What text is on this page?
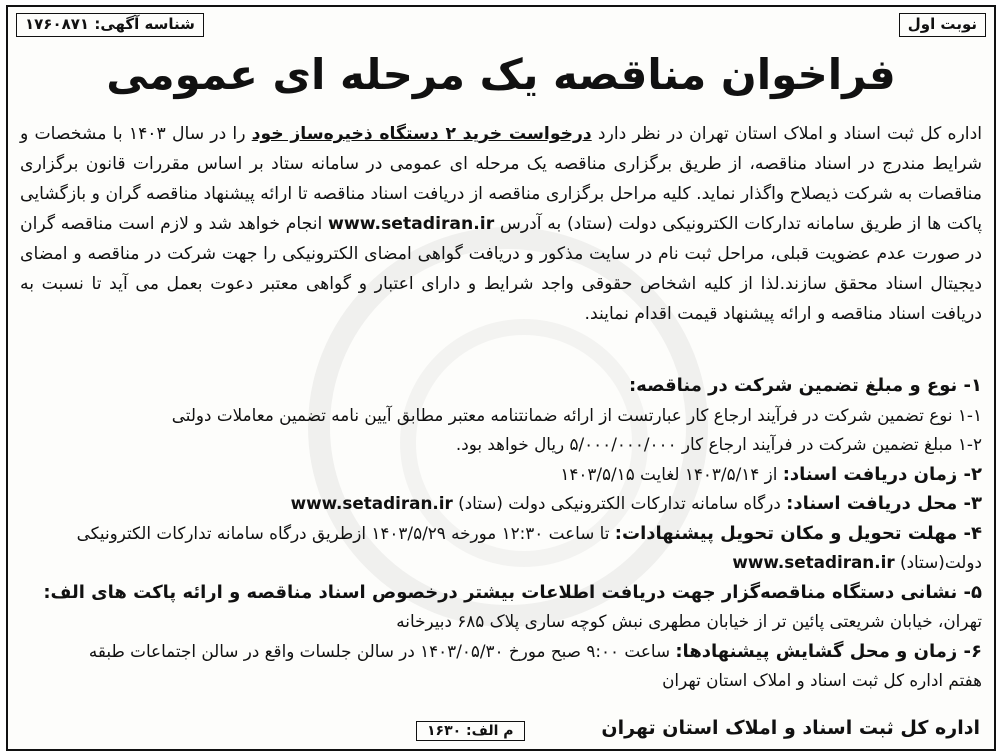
نوبت اول
شناسه آگهی: ۱۷۶۰۸۷۱
فراخوان مناقصه یک مرحله ای عمومی

اداره کل ثبت اسناد و املاک استان تهران در نظر دارد درخواست خرید ۲ دستگاه ذخیره‌ساز خود را در سال ۱۴۰۳ با مشخصات و شرایط مندرج در اسناد مناقصه، از طریق برگزاری مناقصه یک مرحله ای عمومی در سامانه ستاد بر اساس مقررات قانون برگزاری مناقصات به شرکت ذیصلاح واگذار نماید. کلیه مراحل برگزاری مناقصه از دریافت اسناد مناقصه تا ارائه پیشنهاد مناقصه گران و بازگشایی پاکت ها از طریق سامانه تدارکات الکترونیکی دولت (ستاد) به آدرس www.setadiran.ir انجام خواهد شد و لازم است مناقصه گران در صورت عدم عضویت قبلی، مراحل ثبت نام در سایت مذکور و دریافت گواهی امضای الکترونیکی را جهت شرکت در مناقصه و امضای دیجیتال اسناد محقق سازند.لذا از کلیه اشخاص حقوقی واجد شرایط و دارای اعتبار و گواهی معتبر دعوت بعمل می آید تا نسبت به دریافت اسناد مناقصه و ارائه پیشنهاد قیمت اقدام نمایند.

۱- نوع و مبلغ تضمین شرکت در مناقصه:
۱-۱ نوع تضمین شرکت در فرآیند ارجاع کار عبارتست از ارائه ضمانتنامه معتبر مطابق آیین نامه تضمین معاملات دولتی
۱-۲ مبلغ تضمین شرکت در فرآیند ارجاع کار ۵/۰۰۰/۰۰۰/۰۰۰ ریال خواهد بود.
۲- زمان دریافت اسناد: از ۱۴۰۳/۵/۱۴ لغایت ۱۴۰۳/۵/۱۵
۳- محل دریافت اسناد: درگاه سامانه تدارکات الکترونیکی دولت (ستاد) www.setadiran.ir
۴- مهلت تحویل و مکان تحویل پیشنهادات: تا ساعت ۱۲:۳۰ مورخه ۱۴۰۳/۵/۲۹ ازطریق درگاه سامانه تدارکات الکترونیکی
دولت(ستاد) www.setadiran.ir
۵- نشانی دستگاه مناقصه‌گزار جهت دریافت اطلاعات بیشتر درخصوص اسناد مناقصه و ارائه پاکت های الف:
تهران، خیابان شریعتی پائین تر از خیابان مطهری نبش کوچه ساری پلاک ۶۸۵ دبیرخانه
۶- زمان و محل گشایش پیشنهادها: ساعت ۹:۰۰ صبح مورخ ۱۴۰۳/۰۵/۳۰ در سالن جلسات واقع در سالن اجتماعات طبقه
هفتم اداره کل ثبت اسناد و املاک استان تهران
اداره کل ثبت اسناد و املاک استان تهران
م الف: ۱۶۳۰
